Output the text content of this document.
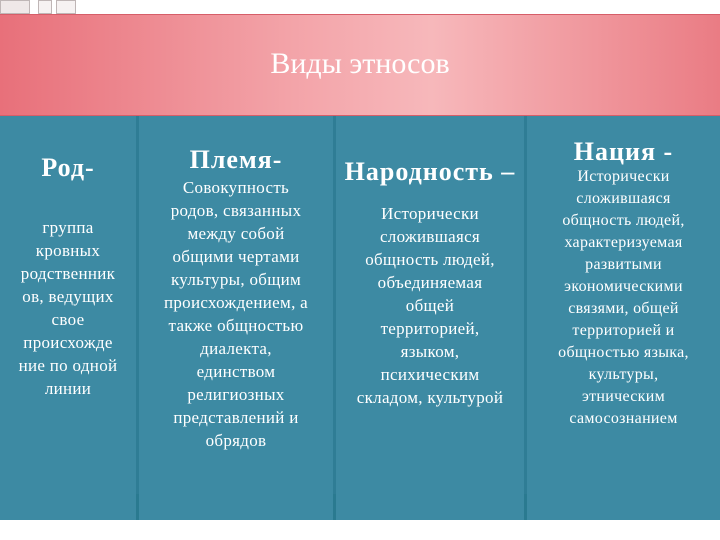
Виды этносов
Род-
группа
кровных
родственник
ов, ведущих
свое
происхожде
ние по одной
линии
Племя-
Совокупность
родов, связанных
между собой
общими чертами
культуры, общим
происхождением, а
также общностью
диалекта,
единством
религиозных
представлений и
обрядов
Народность –
Исторически
сложившаяся
общность людей,
объединяемая
общей
территорией,
языком,
психическим
складом, культурой
Нация -
Исторически
сложившаяся
общность людей,
характеризуемая
развитыми
экономическими
связями, общей
территорией и
общностью языка,
культуры,
этническим
самосознанием
